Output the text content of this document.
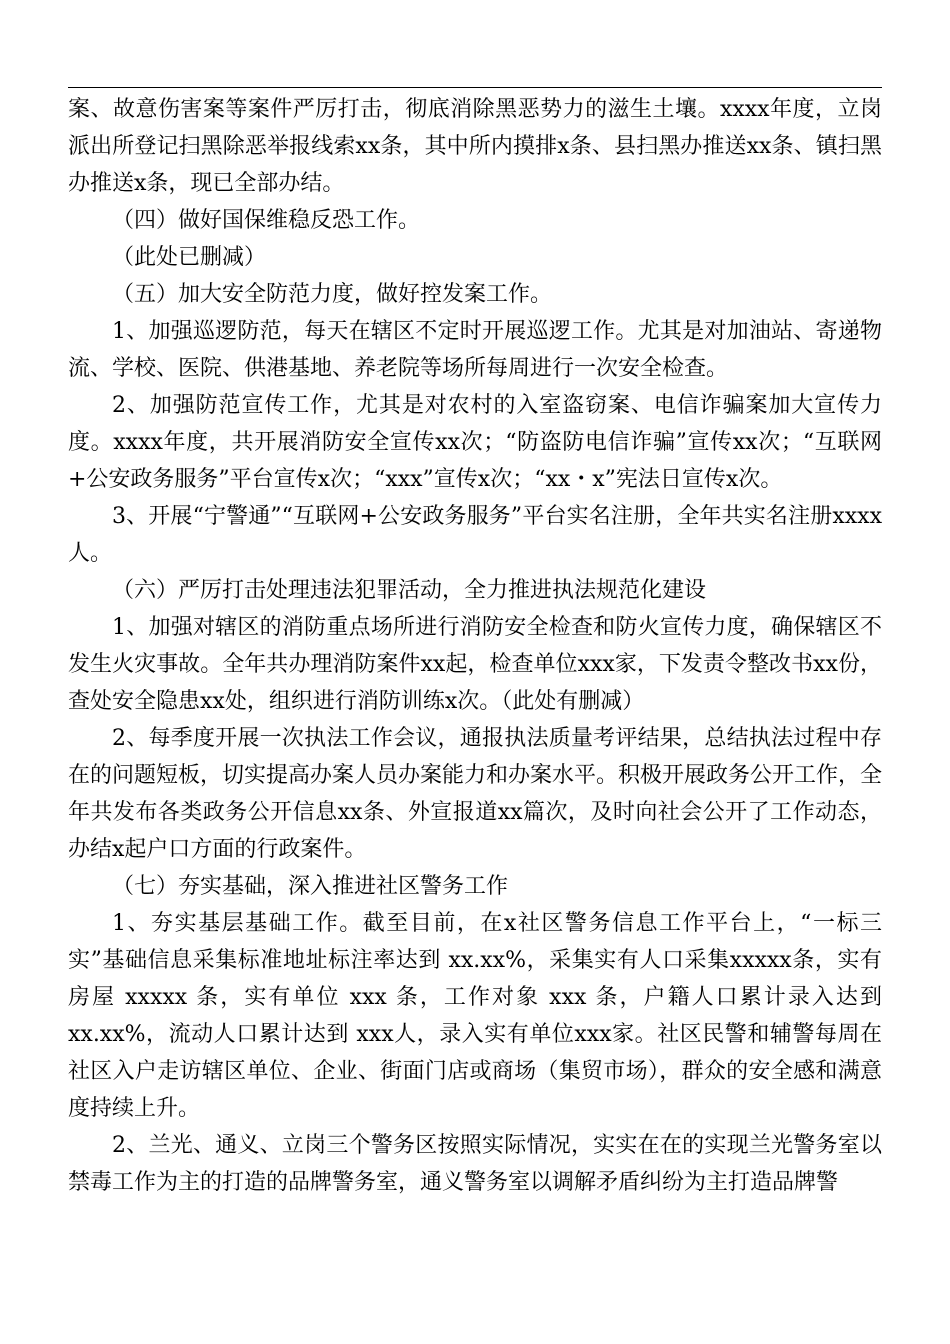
案、故意伤害案等案件严厉打击，彻底消除黑恶势力的滋生土壤。xxxx年度，立岗派出所登记扫黑除恶举报线索xx条，其中所内摸排x条、县扫黑办推送xx条、镇扫黑办推送x条，现已全部办结。

（四）做好国保维稳反恐工作。

（此处已删减）

（五）加大安全防范力度，做好控发案工作。

1、加强巡逻防范，每天在辖区不定时开展巡逻工作。尤其是对加油站、寄递物流、学校、医院、供港基地、养老院等场所每周进行一次安全检查。

2、加强防范宣传工作，尤其是对农村的入室盗窃案、电信诈骗案加大宣传力度。xxxx年度，共开展消防安全宣传xx次；“防盗防电信诈骗”宣传xx次；“互联网+公安政务服务”平台宣传x次；“xxx”宣传x次；“xx・x”宪法日宣传x次。

3、开展“宁警通”“互联网+公安政务服务”平台实名注册，全年共实名注册xxxx人。

（六）严厉打击处理违法犯罪活动，全力推进执法规范化建设

1、加强对辖区的消防重点场所进行消防安全检查和防火宣传力度，确保辖区不发生火灾事故。全年共办理消防案件xx起，检查单位xxx家，下发责令整改书xx份，查处安全隐患xx处，组织进行消防训练x次。（此处有删减）

2、每季度开展一次执法工作会议，通报执法质量考评结果，总结执法过程中存在的问题短板，切实提高办案人员办案能力和办案水平。积极开展政务公开工作，全年共发布各类政务公开信息xx条、外宣报道xx篇次，及时向社会公开了工作动态，办结x起户口方面的行政案件。

（七）夯实基础，深入推进社区警务工作

1、夯实基层基础工作。截至目前，在x社区警务信息工作平台上，“一标三实”基础信息采集标准地址标注率达到 xx.xx%，采集实有人口采集xxxxx条，实有房屋 xxxxx 条，实有单位 xxx 条，工作对象 xxx 条，户籍人口累计录入达到xx.xx%，流动人口累计达到 xxx人，录入实有单位xxx家。社区民警和辅警每周在社区入户走访辖区单位、企业、街面门店或商场（集贸市场），群众的安全感和满意度持续上升。

2、兰光、通义、立岗三个警务区按照实际情况，实实在在的实现兰光警务室以禁毒工作为主的打造的品牌警务室，通义警务室以调解矛盾纠纷为主打造品牌警
